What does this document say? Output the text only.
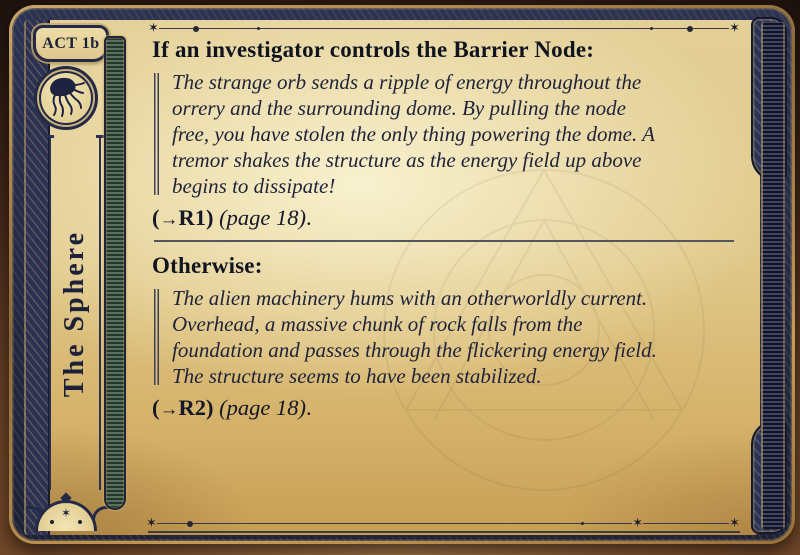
ACT 1b
The Sphere
✶
✶	✶
✶	✶	✶
If an investigator controls the Barrier Node:
The strange orb sends a ripple of energy throughout the
orrery and the surrounding dome. By pulling the node
free, you have stolen the only thing powering the dome. A
tremor shakes the structure as the energy field up above
begins to dissipate!
(→R1) (page 18).
Otherwise:
The alien machinery hums with an otherworldly current.
Overhead, a massive chunk of rock falls from the
foundation and passes through the flickering energy field.
The structure seems to have been stabilized.
(→R2) (page 18).
